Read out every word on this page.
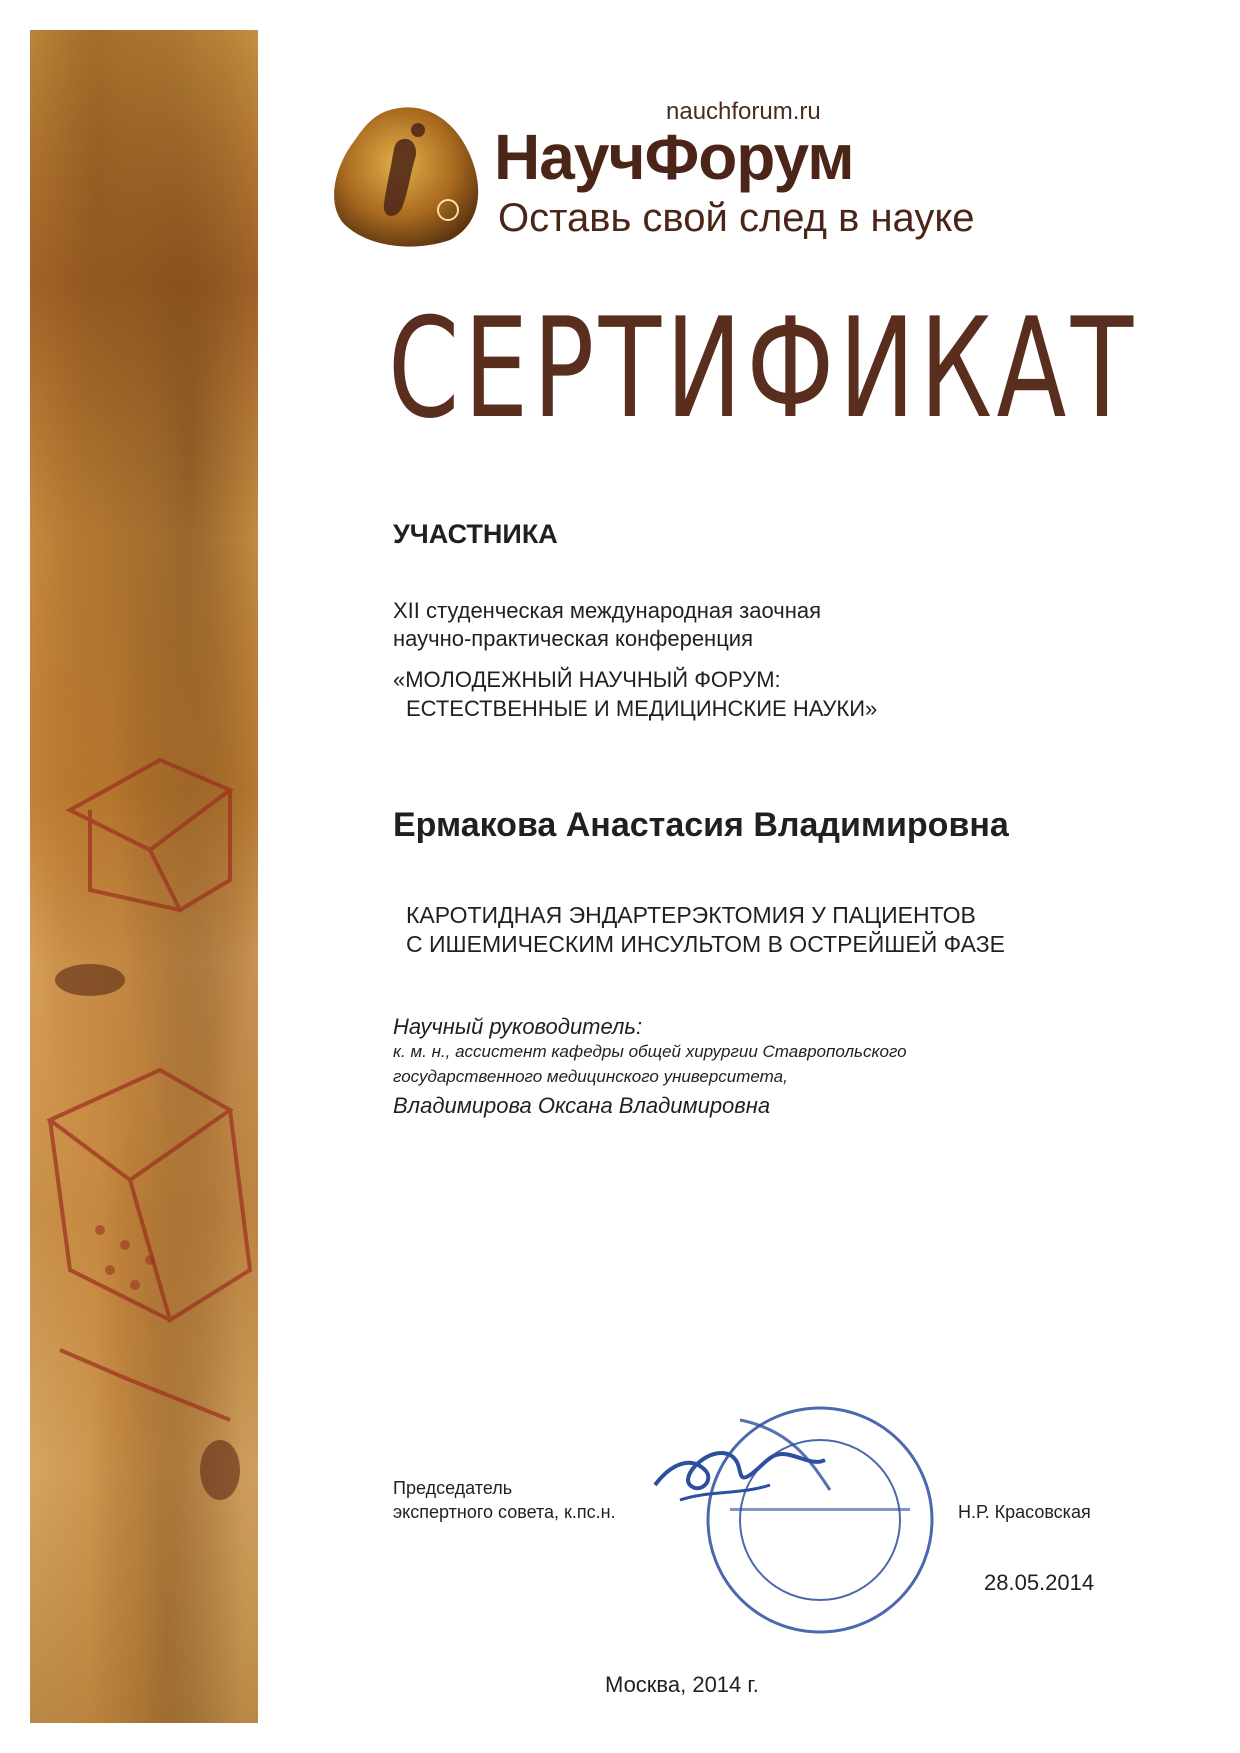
nauchforum.ru
НаучФорум
Оставь свой след в науке
СЕРТИФИКАТ
УЧАСТНИКА
XII студенческая международная заочная
научно-практическая конференция
«МОЛОДЕЖНЫЙ НАУЧНЫЙ ФОРУМ:
ЕСТЕСТВЕННЫЕ И МЕДИЦИНСКИЕ НАУКИ»
Ермакова Анастасия Владимировна
КАРОТИДНАЯ ЭНДАРТЕРЭКТОМИЯ У ПАЦИЕНТОВ
С ИШЕМИЧЕСКИМ ИНСУЛЬТОМ В ОСТРЕЙШЕЙ ФАЗЕ
Научный руководитель:
к. м. н., ассистент кафедры общей хирургии Ставропольского
государственного медицинского университета,
Владимирова Оксана Владимировна
Председатель
экспертного совета, к.пс.н.	Н.Р. Красовская
28.05.2014
Москва, 2014 г.
